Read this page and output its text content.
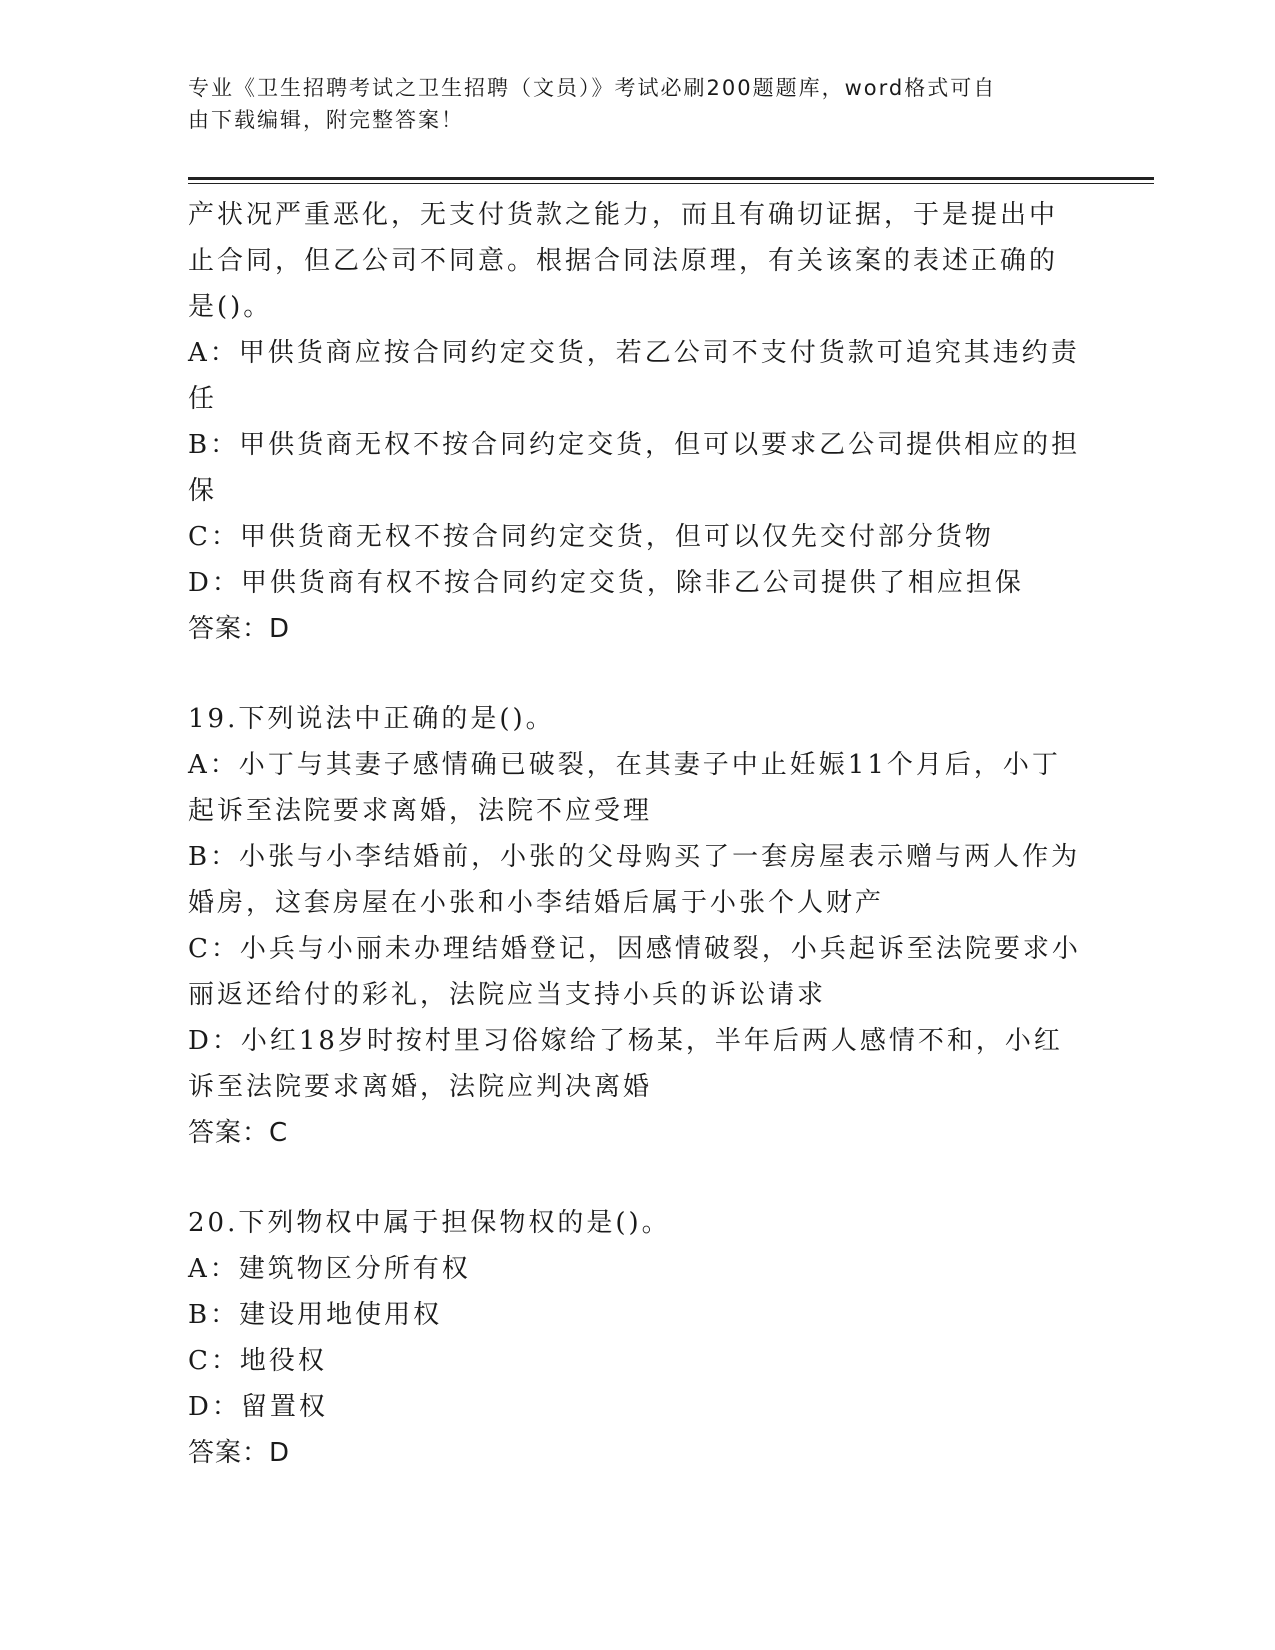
专业《卫生招聘考试之卫生招聘（文员）》考试必刷200题题库，word格式可自
由下载编辑，附完整答案！
产状况严重恶化，无支付货款之能力，而且有确切证据，于是提出中
止合同，但乙公司不同意。根据合同法原理，有关该案的表述正确的
是()。
A：甲供货商应按合同约定交货，若乙公司不支付货款可追究其违约责
任
B：甲供货商无权不按合同约定交货，但可以要求乙公司提供相应的担
保
C：甲供货商无权不按合同约定交货，但可以仅先交付部分货物
D：甲供货商有权不按合同约定交货，除非乙公司提供了相应担保
答案：D
19.下列说法中正确的是()。
A：小丁与其妻子感情确已破裂，在其妻子中止妊娠11个月后，小丁
起诉至法院要求离婚，法院不应受理
B：小张与小李结婚前，小张的父母购买了一套房屋表示赠与两人作为
婚房，这套房屋在小张和小李结婚后属于小张个人财产
C：小兵与小丽未办理结婚登记，因感情破裂，小兵起诉至法院要求小
丽返还给付的彩礼，法院应当支持小兵的诉讼请求
D：小红18岁时按村里习俗嫁给了杨某，半年后两人感情不和，小红
诉至法院要求离婚，法院应判决离婚
答案：C
20.下列物权中属于担保物权的是()。
A：建筑物区分所有权
B：建设用地使用权
C：地役权
D：留置权
答案：D
